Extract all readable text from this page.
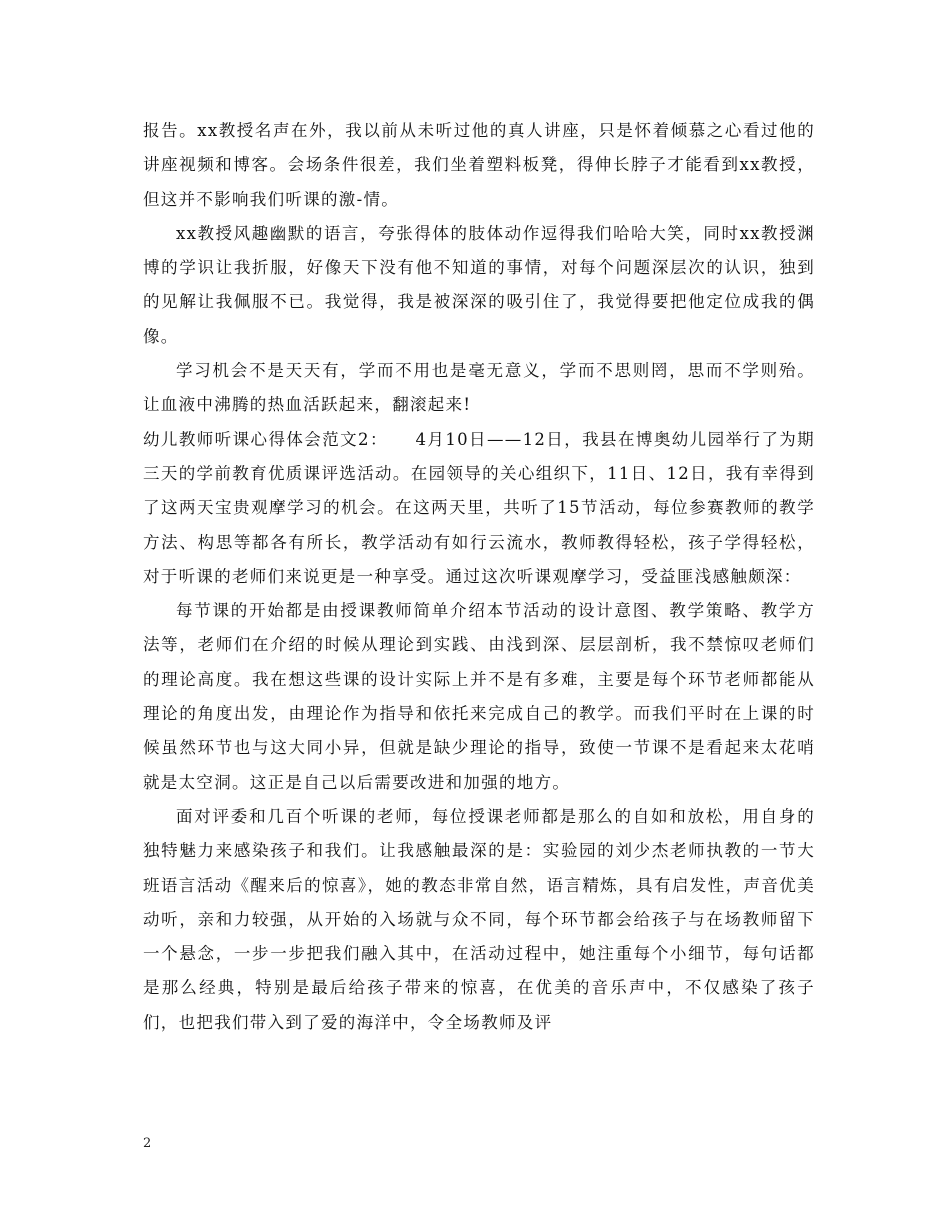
报告。xx教授名声在外，我以前从未听过他的真人讲座，只是怀着倾慕之心看过他的讲座视频和博客。会场条件很差，我们坐着塑料板凳，得伸长脖子才能看到xx教授，但这并不影响我们听课的激-情。

xx教授风趣幽默的语言，夸张得体的肢体动作逗得我们哈哈大笑，同时xx教授渊博的学识让我折服，好像天下没有他不知道的事情，对每个问题深层次的认识，独到的见解让我佩服不已。我觉得，我是被深深的吸引住了，我觉得要把他定位成我的偶像。

学习机会不是天天有，学而不用也是毫无意义，学而不思则罔，思而不学则殆。让血液中沸腾的热血活跃起来，翻滚起来!

幼儿教师听课心得体会范文2：　　4月10日——12日，我县在博奥幼儿园举行了为期三天的学前教育优质课评选活动。在园领导的关心组织下，11日、12日，我有幸得到了这两天宝贵观摩学习的机会。在这两天里，共听了15节活动，每位参赛教师的教学方法、构思等都各有所长，教学活动有如行云流水，教师教得轻松，孩子学得轻松，对于听课的老师们来说更是一种享受。通过这次听课观摩学习，受益匪浅感触颇深：

每节课的开始都是由授课教师简单介绍本节活动的设计意图、教学策略、教学方法等，老师们在介绍的时候从理论到实践、由浅到深、层层剖析，我不禁惊叹老师们的理论高度。我在想这些课的设计实际上并不是有多难，主要是每个环节老师都能从理论的角度出发，由理论作为指导和依托来完成自己的教学。而我们平时在上课的时候虽然环节也与这大同小异，但就是缺少理论的指导，致使一节课不是看起来太花哨就是太空洞。这正是自己以后需要改进和加强的地方。

面对评委和几百个听课的老师，每位授课老师都是那么的自如和放松，用自身的独特魅力来感染孩子和我们。让我感触最深的是：实验园的刘少杰老师执教的一节大班语言活动《醒来后的惊喜》，她的教态非常自然，语言精炼，具有启发性，声音优美动听，亲和力较强，从开始的入场就与众不同，每个环节都会给孩子与在场教师留下一个悬念，一步一步把我们融入其中，在活动过程中，她注重每个小细节，每句话都是那么经典，特别是最后给孩子带来的惊喜，在优美的音乐声中，不仅感染了孩子们，也把我们带入到了爱的海洋中，令全场教师及评

2
